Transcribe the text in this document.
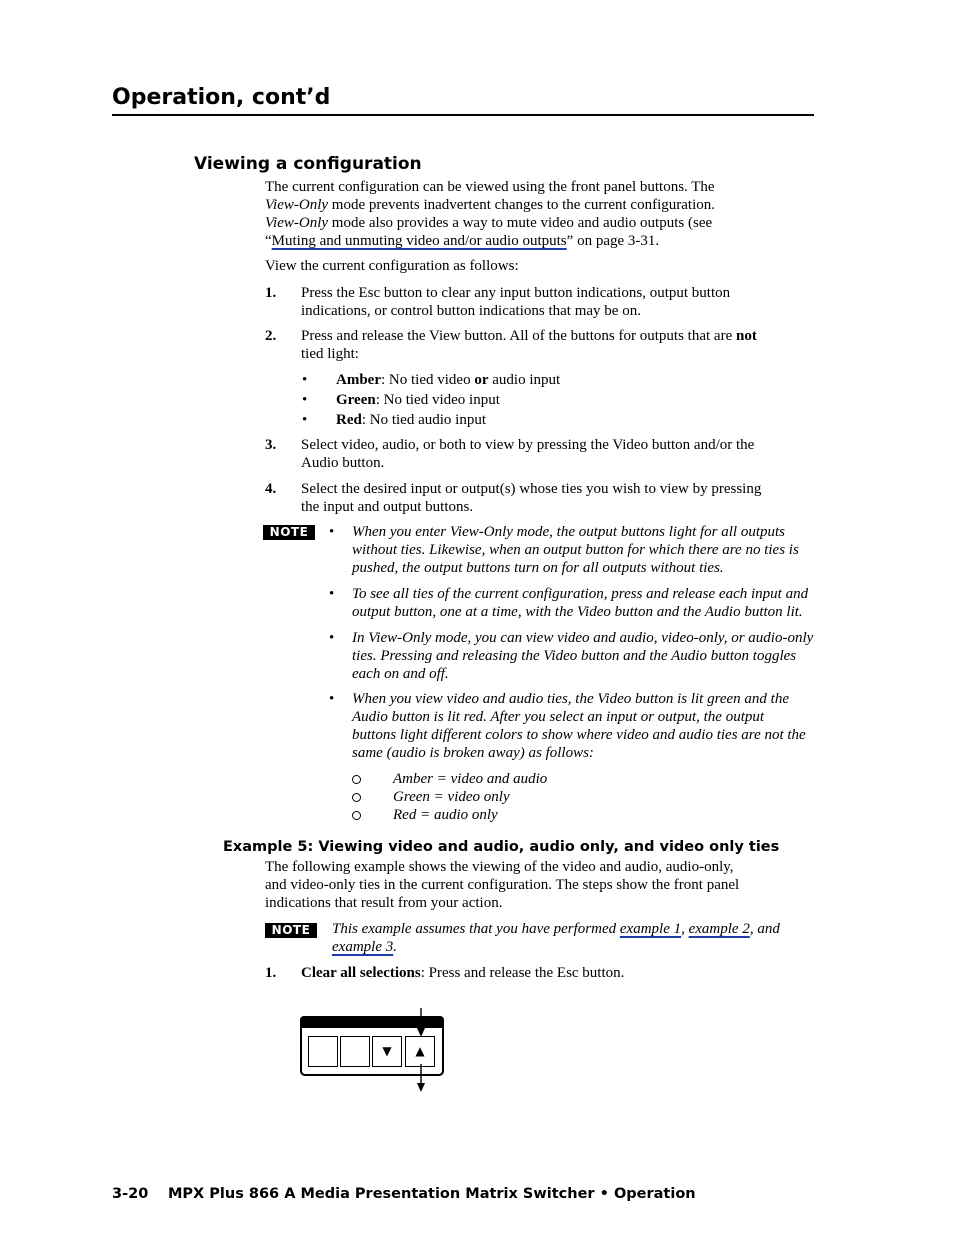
Operation, cont’d
Viewing a configuration
The current configuration can be viewed using the front panel buttons. The
View-Only mode prevents inadvertent changes to the current configuration.
View-Only mode also provides a way to mute video and audio outputs (see
“Muting and unmuting video and/or audio outputs” on page 3-31.
View the current configuration as follows:
1. Press the Esc button to clear any input button indications, output button
indications, or control button indications that may be on.
2. Press and release the View button. All of the buttons for outputs that are not
tied light:
• Amber: No tied video or audio input
• Green: No tied video input
• Red: No tied audio input
3. Select video, audio, or both to view by pressing the Video button and/or the
Audio button.
4. Select the desired input or output(s) whose ties you wish to view by pressing
the input and output buttons.
NOTE	• When you enter View-Only mode, the output buttons light for all outputs
without ties. Likewise, when an output button for which there are no ties is
pushed, the output buttons turn on for all outputs without ties.
• To see all ties of the current configuration, press and release each input and
output button, one at a time, with the Video button and the Audio button lit.
• In View-Only mode, you can view video and audio, video-only, or audio-only
ties. Pressing and releasing the Video button and the Audio button toggles
each on and off.
• When you view video and audio ties, the Video button is lit green and the
Audio button is lit red. After you select an input or output, the output
buttons light different colors to show where video and audio ties are not the
same (audio is broken away) as follows:
Amber = video and audio
Green = video only
Red = audio only
Example 5: Viewing video and audio, audio only, and video only ties
The following example shows the viewing of the video and audio, audio-only,
and video-only ties in the current configuration. The steps show the front panel
indications that result from your action.
NOTE	This example assumes that you have performed example 1, example 2, and
example 3.
1. Clear all selections: Press and release the Esc button.
▼	▲
3-20 MPX Plus 866 A Media Presentation Matrix Switcher • Operation
